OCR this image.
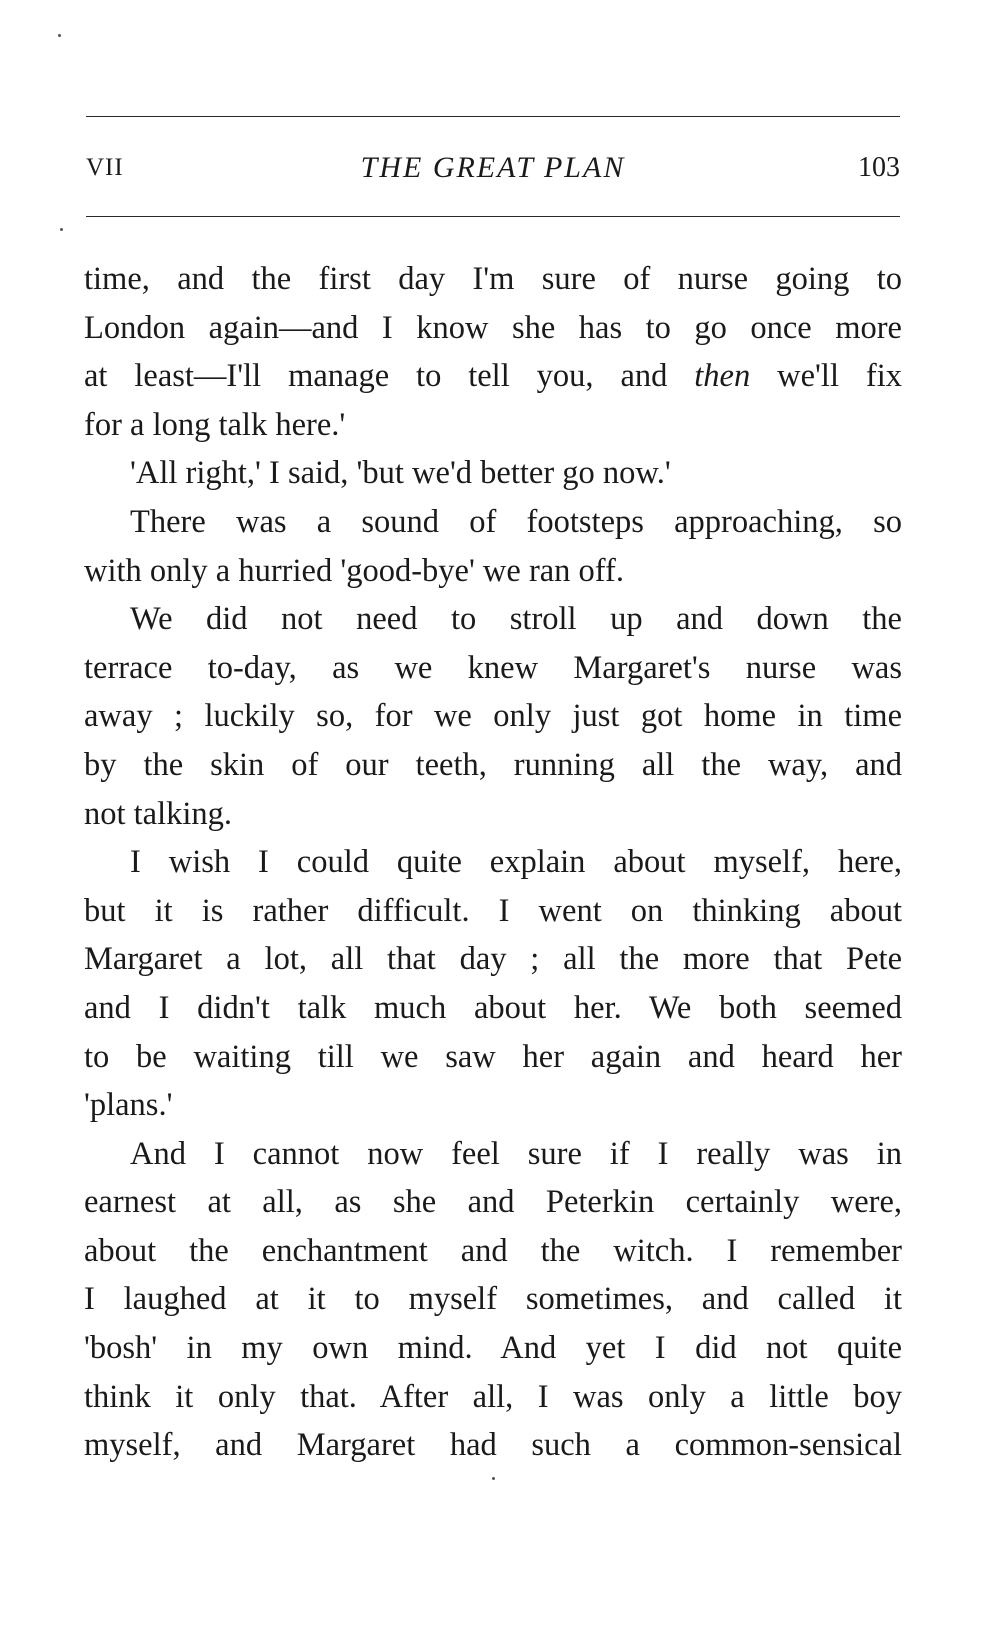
VII	THE GREAT PLAN	103
time, and the first day I'm sure of nurse going to
London again—and I know she has to go once more
at least—I'll manage to tell you, and then we'll fix
for a long talk here.'
'All right,' I said, 'but we'd better go now.'
There was a sound of footsteps approaching, so
with only a hurried 'good-bye' we ran off.
We did not need to stroll up and down the
terrace to-day, as we knew Margaret's nurse was
away ; luckily so, for we only just got home in time
by the skin of our teeth, running all the way, and
not talking.
I wish I could quite explain about myself, here,
but it is rather difficult. I went on thinking about
Margaret a lot, all that day ; all the more that Pete
and I didn't talk much about her. We both seemed
to be waiting till we saw her again and heard her
'plans.'
And I cannot now feel sure if I really was in
earnest at all, as she and Peterkin certainly were,
about the enchantment and the witch. I remember
I laughed at it to myself sometimes, and called it
'bosh' in my own mind. And yet I did not quite
think it only that. After all, I was only a little boy
myself, and Margaret had such a common-sensical
